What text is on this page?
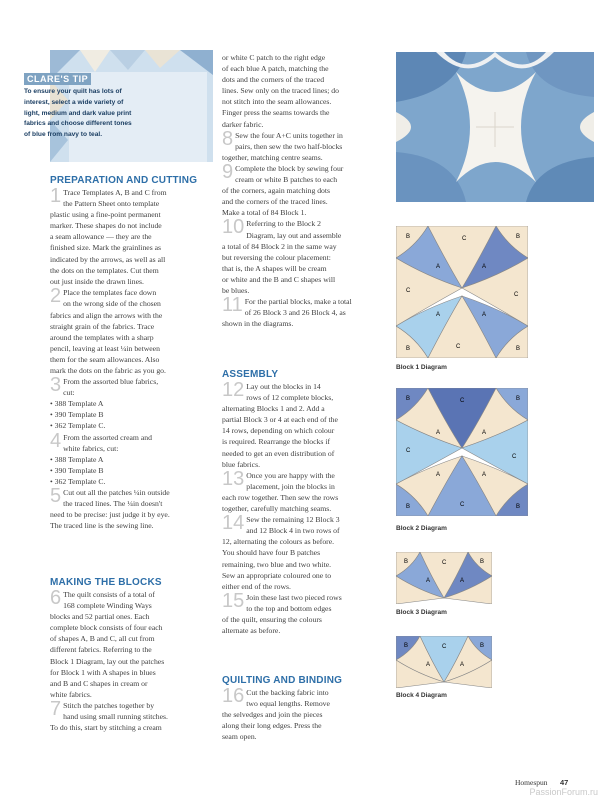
CLARE'S TIP
To ensure your quilt has lots of
interest, select a wide variety of
light, medium and dark value print
fabrics and choose different tones
of blue from navy to teal.
PREPARATION AND CUTTING
1 Trace Templates A, B and C from
the Pattern Sheet onto template
plastic using a fine-point permanent
marker. These shapes do not include
a seam allowance — they are the
finished size. Mark the grainlines as
indicated by the arrows, as well as all
the dots on the templates. Cut them
out just inside the drawn lines.
2 Place the templates face down
on the wrong side of the chosen
fabrics and align the arrows with the
straight grain of the fabrics. Trace
around the templates with a sharp
pencil, leaving at least ¼in between
them for the seam allowances. Also
mark the dots on the fabric as you go.
3 From the assorted blue fabrics,
cut:
• 388 Template A
• 390 Template B
• 362 Template C.
4 From the assorted cream and
white fabrics, cut:
• 388 Template A
• 390 Template B
• 362 Template C.
5 Cut out all the patches ¼in outside
the traced lines. The ¼in doesn't
need to be precise: just judge it by eye.
The traced line is the sewing line.
MAKING THE BLOCKS
6 The quilt consists of a total of
168 complete Winding Ways
blocks and 52 partial ones. Each
complete block consists of four each
of shapes A, B and C, all cut from
different fabrics. Referring to the
Block 1 Diagram, lay out the patches
for Block 1 with A shapes in blues
and B and C shapes in cream or
white fabrics.
7 Stitch the patches together by
hand using small running stitches.
To do this, start by stitching a cream
or white C patch to the right edge
of each blue A patch, matching the
dots and the corners of the traced
lines. Sew only on the traced lines; do
not stitch into the seam allowances.
Finger press the seams towards the
darker fabric.
8 Sew the four A+C units together in
pairs, then sew the two half-blocks
together, matching centre seams.
9 Complete the block by sewing four
cream or white B patches to each
of the corners, again matching dots
and the corners of the traced lines.
Make a total of 84 Block 1.
10 Referring to the Block 2
Diagram, lay out and assemble
a total of 84 Block 2 in the same way
but reversing the colour placement:
that is, the A shapes will be cream
or white and the B and C shapes will
be blues.
11 For the partial blocks, make a total
of 26 Block 3 and 26 Block 4, as
shown in the diagrams.
ASSEMBLY
12 Lay out the blocks in 14
rows of 12 complete blocks,
alternating Blocks 1 and 2. Add a
partial Block 3 or 4 at each end of the
14 rows, depending on which colour
is required. Rearrange the blocks if
needed to get an even distribution of
blue fabrics.
13 Once you are happy with the
placement, join the blocks in
each row together. Then sew the rows
together, carefully matching seams.
14 Sew the remaining 12 Block 3
and 12 Block 4 in two rows of
12, alternating the colours as before.
You should have four B patches
remaining, two blue and two white.
Sew an appropriate coloured one to
either end of the rows.
15 Join these last two pieced rows
to the top and bottom edges
of the quilt, ensuring the colours
alternate as before.
QUILTING AND BINDING
16 Cut the backing fabric into
two equal lengths. Remove
the selvedges and join the pieces
along their long edges. Press the
seam open.
B	B
B	B
C
C
C
C
A	A
A	A
Block 1 Diagram
B	B
B	B
C
C
C
C
A	A
A	A
Block 2 Diagram
B	B
C
A	A
Block 3 Diagram
B	B
C
A	A
Block 4 Diagram
Homespun 47
PassionForum.ru
